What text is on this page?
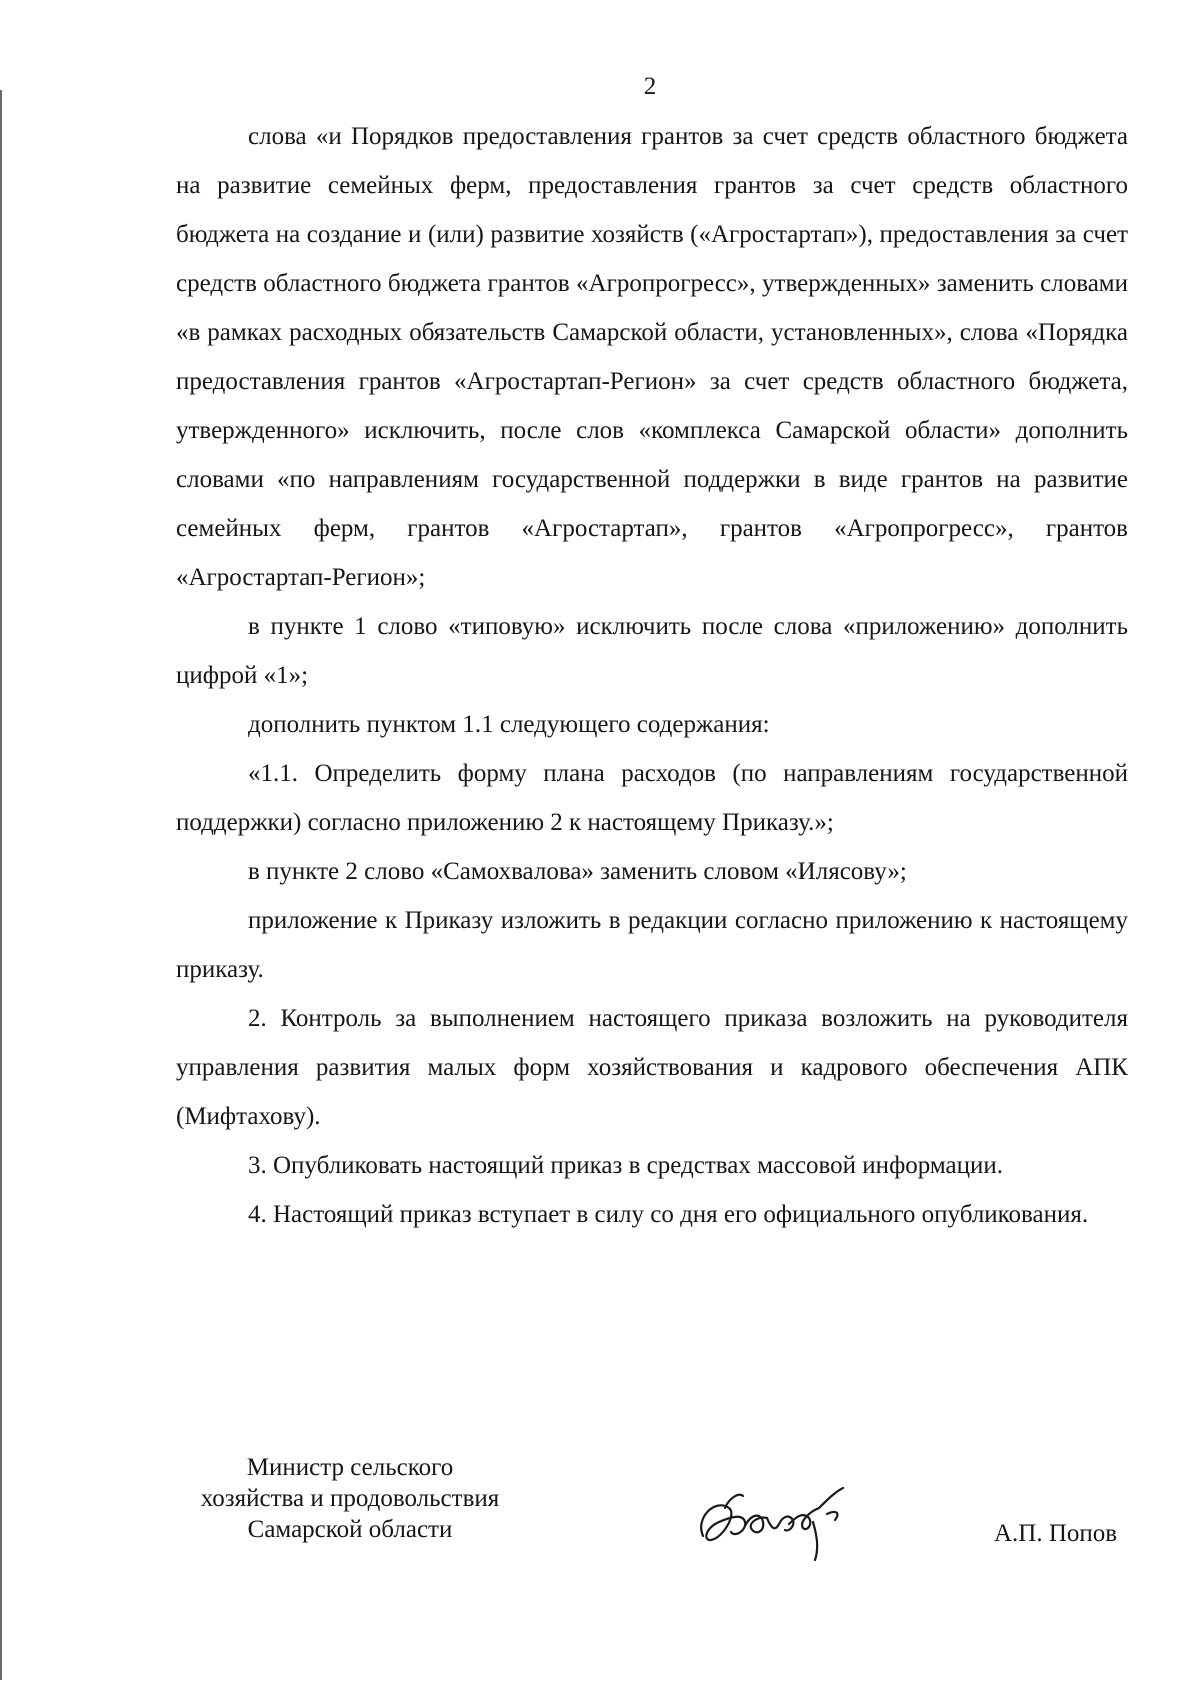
2

слова «и Порядков предоставления грантов за счет средств областного бюджета на развитие семейных ферм, предоставления грантов за счет средств областного бюджета на создание и (или) развитие хозяйств («Агростартап»), предоставления за счет средств областного бюджета грантов «Агропрогресс», утвержденных» заменить словами «в рамках расходных обязательств Самарской области, установленных», слова «Порядка предоставления грантов «Агростартап-Регион» за счет средств областного бюджета, утвержденного» исключить, после слов «комплекса Самарской области» дополнить словами «по направлениям государственной поддержки в виде грантов на развитие семейных ферм, грантов «Агростартап», грантов «Агропрогресс», грантов «Агростартап-Регион»;

в пункте 1 слово «типовую» исключить после слова «приложению» дополнить цифрой «1»;

дополнить пунктом 1.1 следующего содержания:

«1.1. Определить форму плана расходов (по направлениям государственной поддержки) согласно приложению 2 к настоящему Приказу.»;

в пункте 2 слово «Самохвалова» заменить словом «Илясову»;

приложение к Приказу изложить в редакции согласно приложению к настоящему приказу.

2. Контроль за выполнением настоящего приказа возложить на руководителя управления развития малых форм хозяйствования и кадрового обеспечения АПК (Мифтахову).

3. Опубликовать настоящий приказ в средствах массовой информации.

4. Настоящий приказ вступает в силу со дня его официального опубликования.

Министр сельского
хозяйства и продовольствия
Самарской области	А.П. Попов
